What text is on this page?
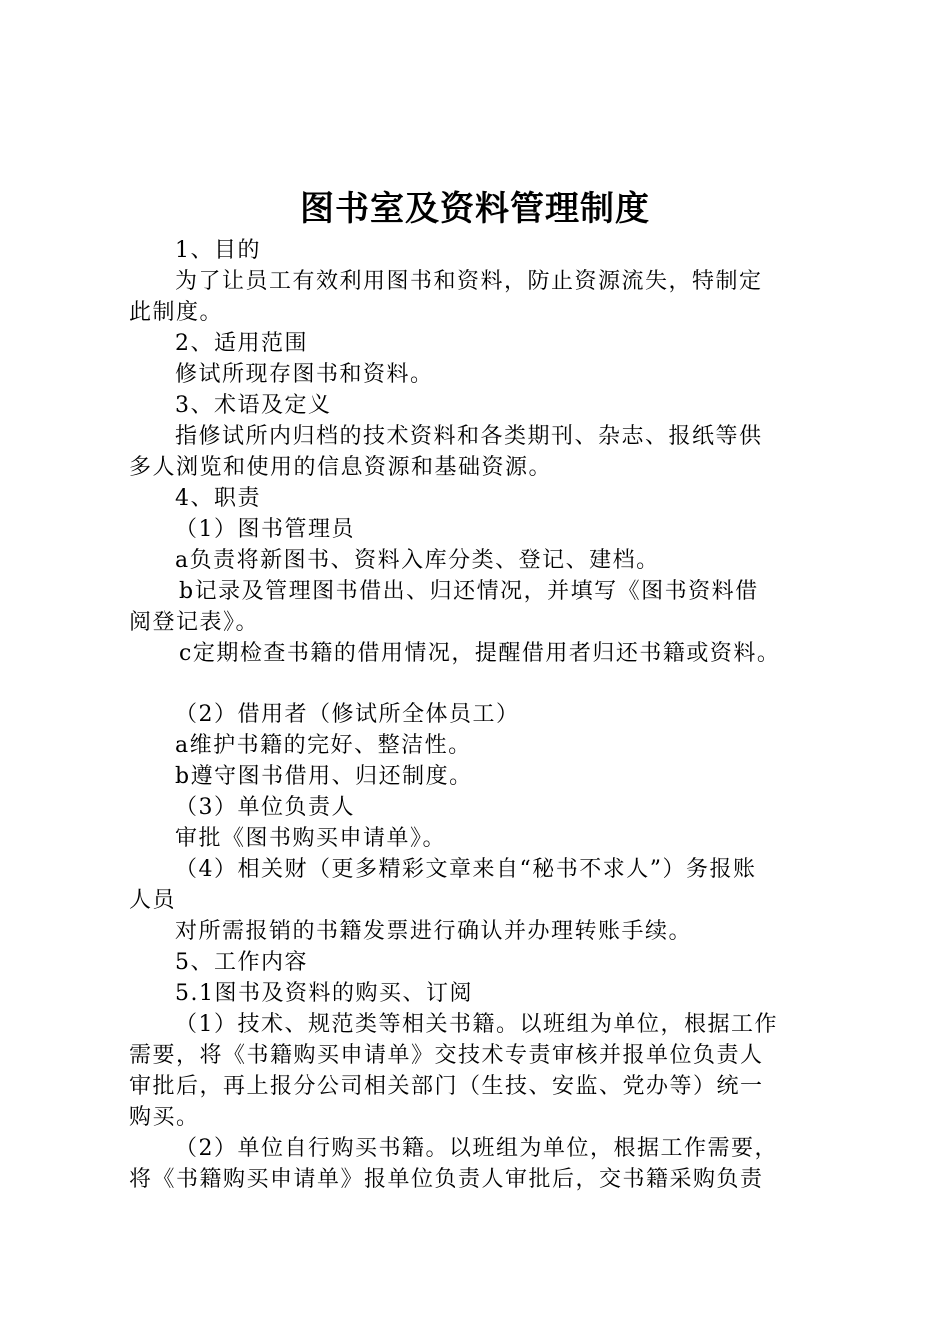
图书室及资料管理制度
1、目的
为了让员工有效利用图书和资料，防止资源流失，特制定
此制度。
2、适用范围
修试所现存图书和资料。
3、术语及定义
指修试所内归档的技术资料和各类期刊、杂志、报纸等供
多人浏览和使用的信息资源和基础资源。
4、职责
（1）图书管理员
a负责将新图书、资料入库分类、登记、建档。
b记录及管理图书借出、归还情况，并填写《图书资料借
阅登记表》。
c定期检查书籍的借用情况，提醒借用者归还书籍或资料。
（2）借用者（修试所全体员工）
a维护书籍的完好、整洁性。
b遵守图书借用、归还制度。
（3）单位负责人
审批《图书购买申请单》。
（4）相关财（更多精彩文章来自“秘书不求人”）务报账
人员
对所需报销的书籍发票进行确认并办理转账手续。
5、工作内容
5.1图书及资料的购买、订阅
（1）技术、规范类等相关书籍。以班组为单位，根据工作
需要，将《书籍购买申请单》交技术专责审核并报单位负责人
审批后，再上报分公司相关部门（生技、安监、党办等）统一
购买。
（2）单位自行购买书籍。以班组为单位，根据工作需要，
将《书籍购买申请单》报单位负责人审批后，交书籍采购负责
